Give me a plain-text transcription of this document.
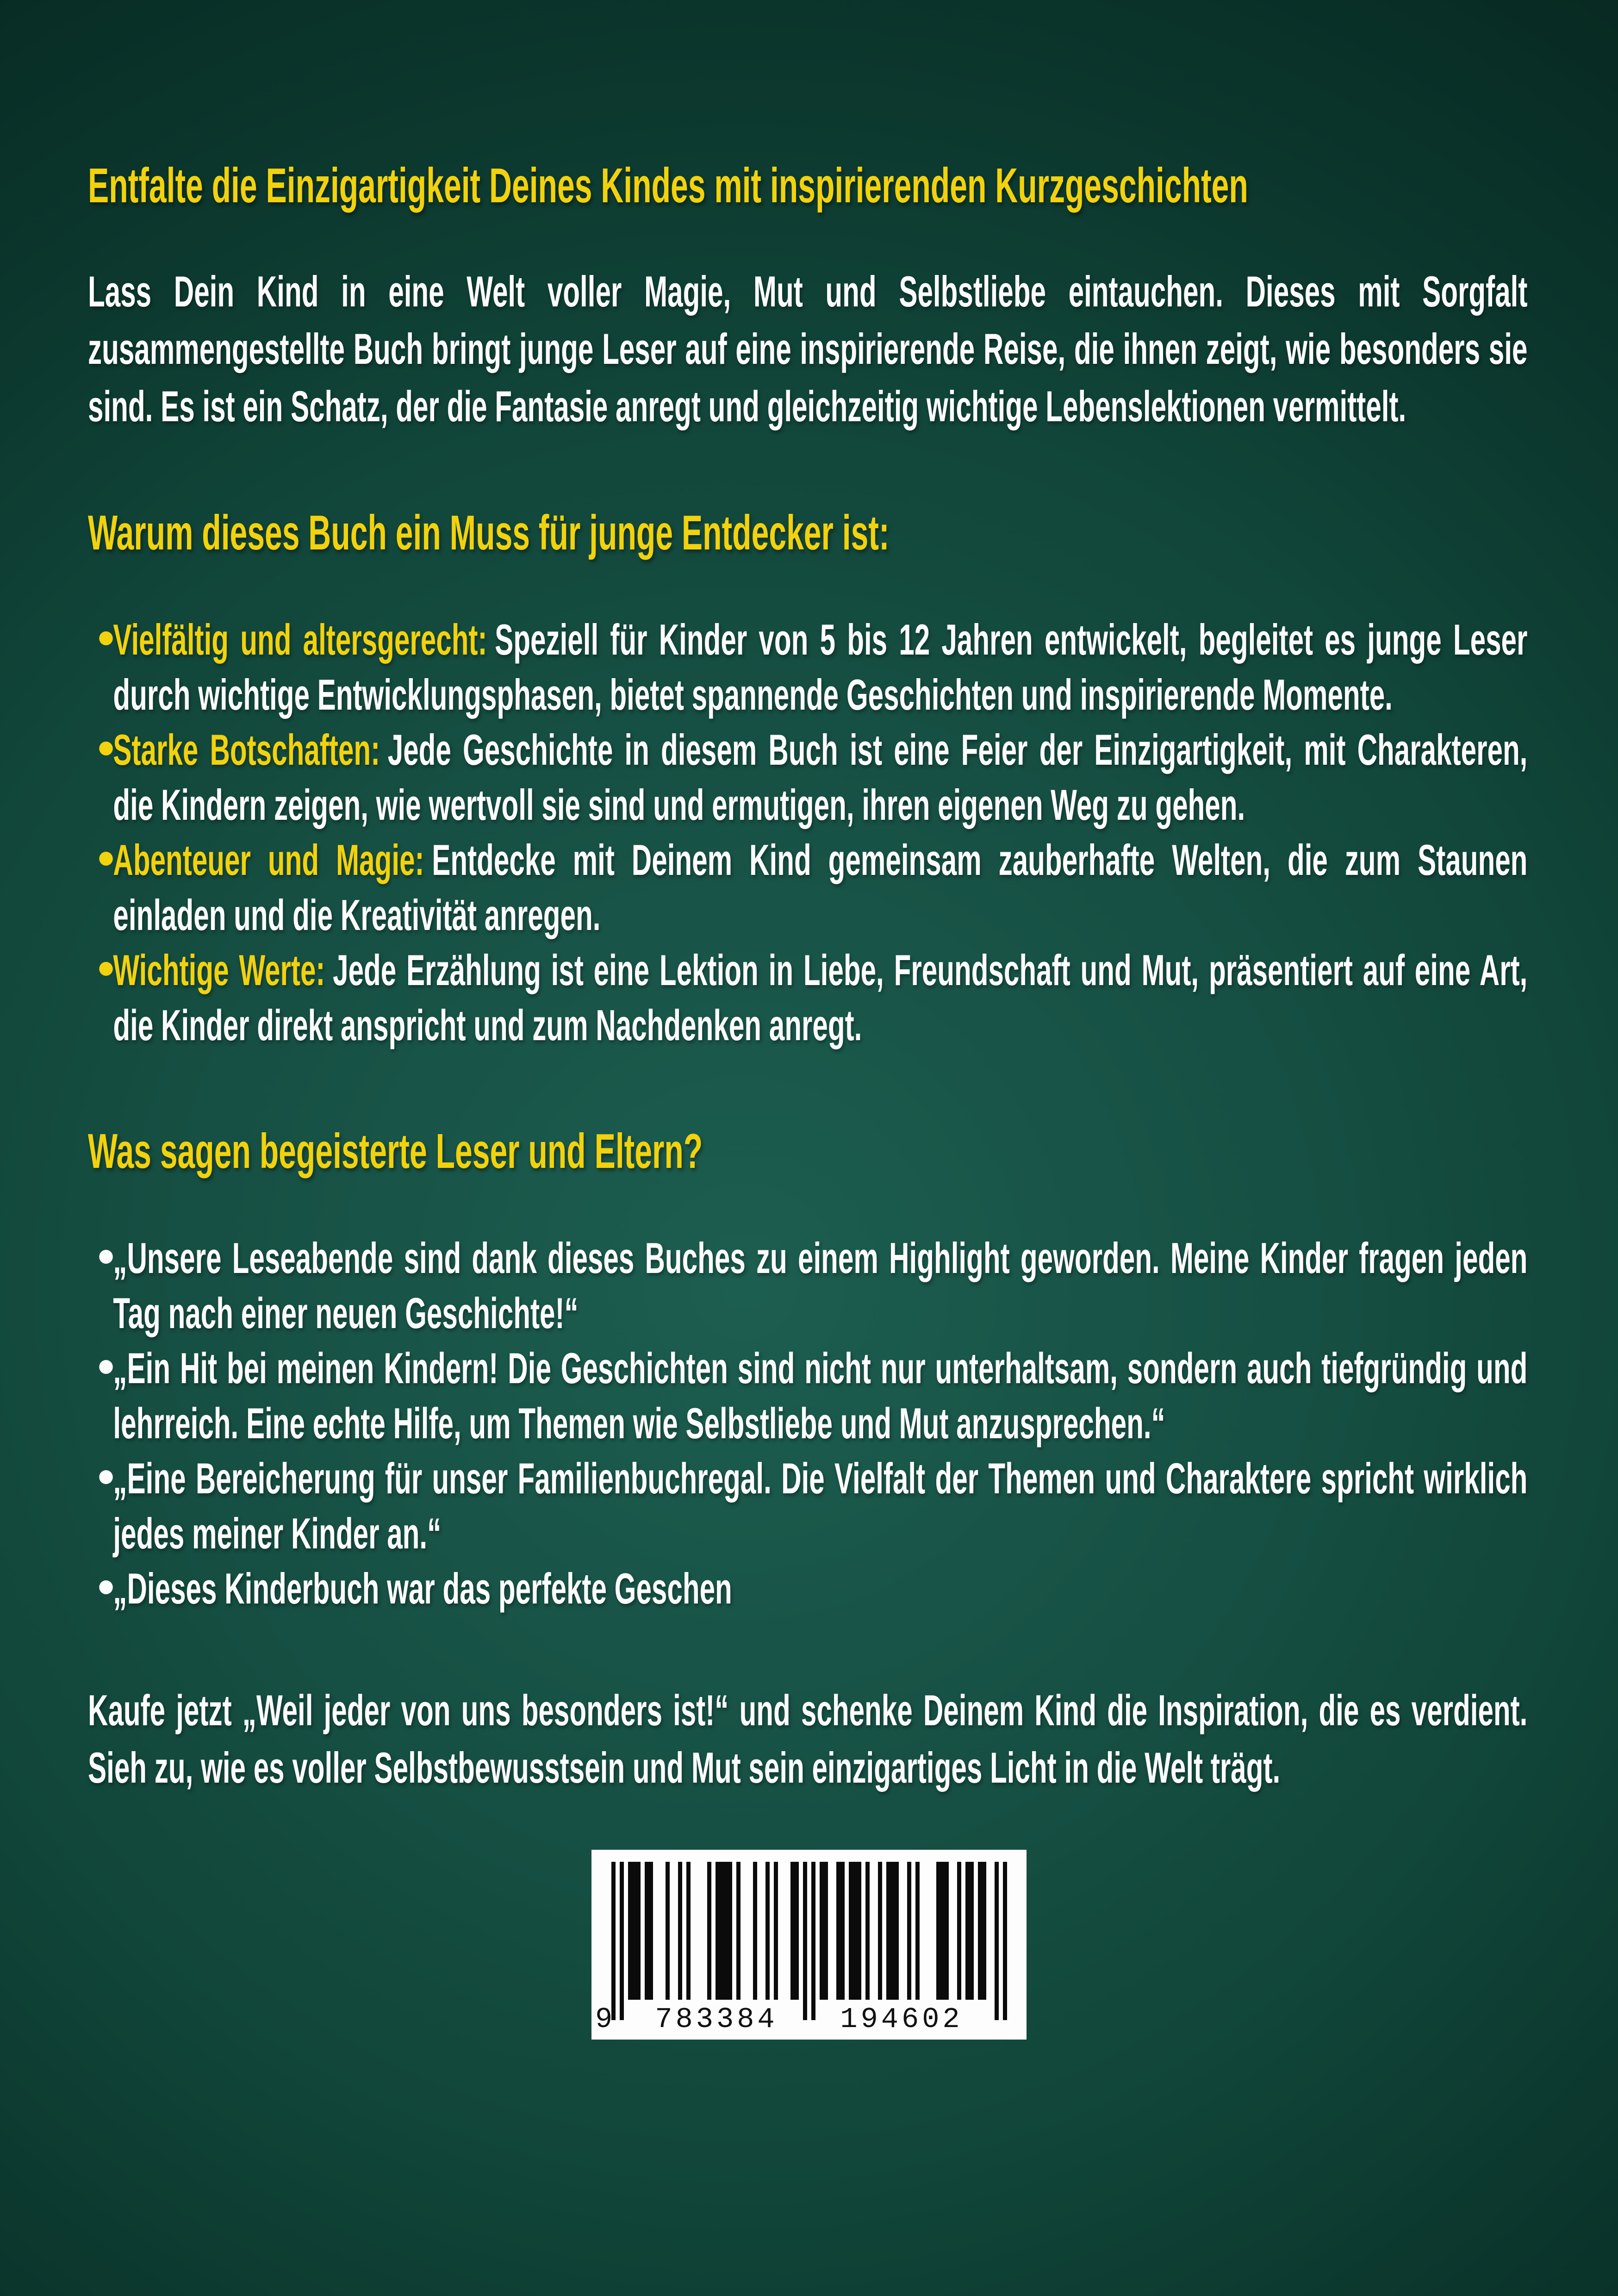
Entfalte die Einzigartigkeit Deines Kindes mit inspirierenden Kurzgeschichten

Lass Dein Kind in eine Welt voller Magie, Mut und Selbstliebe eintauchen. Dieses mit Sorgfalt zusammengestellte Buch bringt junge Leser auf eine inspirierende Reise, die ihnen zeigt, wie besonders sie sind. Es ist ein Schatz, der die Fantasie anregt und gleichzeitig wichtige Lebenslektionen vermittelt.

Warum dieses Buch ein Muss für junge Entdecker ist:
Vielfältig und altersgerecht: Speziell für Kinder von 5 bis 12 Jahren entwickelt, begleitet es junge Leser durch wichtige Entwicklungsphasen, bietet spannende Geschichten und inspirierende Momente.
Starke Botschaften: Jede Geschichte in diesem Buch ist eine Feier der Einzigartigkeit, mit Charakteren, die Kindern zeigen, wie wertvoll sie sind und ermutigen, ihren eigenen Weg zu gehen.
Abenteuer und Magie: Entdecke mit Deinem Kind gemeinsam zauberhafte Welten, die zum Staunen einladen und die Kreativität anregen.
Wichtige Werte: Jede Erzählung ist eine Lektion in Liebe, Freundschaft und Mut, präsentiert auf eine Art, die Kinder direkt anspricht und zum Nachdenken anregt.
Was sagen begeisterte Leser und Eltern?
„Unsere Leseabende sind dank dieses Buches zu einem Highlight geworden. Meine Kinder fragen jeden Tag nach einer neuen Geschichte!“
„Ein Hit bei meinen Kindern! Die Geschichten sind nicht nur unterhaltsam, sondern auch tiefgründig und lehrreich. Eine echte Hilfe, um Themen wie Selbstliebe und Mut anzusprechen.“
„Eine Bereicherung für unser Familienbuchregal. Die Vielfalt der Themen und Charaktere spricht wirklich jedes meiner Kinder an.“
„Dieses Kinderbuch war das perfekte Geschen

Kaufe jetzt „Weil jeder von uns besonders ist!“ und schenke Deinem Kind die Inspiration, die es verdient. Sieh zu, wie es voller Selbstbewusstsein und Mut sein einzigartiges Licht in die Welt trägt.

9	783384	194602
